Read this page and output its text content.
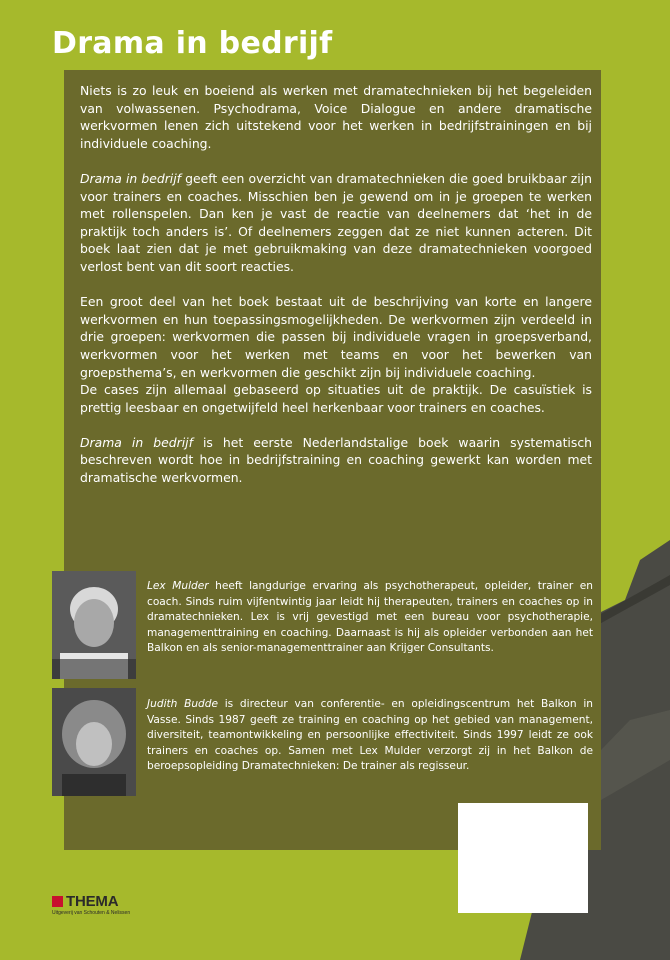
Drama in bedrijf

Niets is zo leuk en boeiend als werken met dramatechnieken bij het begeleiden van volwassenen. Psychodrama, Voice Dialogue en andere dramatische werkvormen lenen zich uitstekend voor het werken in bedrijfstrainingen en bij individuele coaching.

Drama in bedrijf geeft een overzicht van dramatechnieken die goed bruikbaar zijn voor trainers en coaches. Misschien ben je gewend om in je groepen te werken met rollenspelen. Dan ken je vast de reactie van deelnemers dat ‘het in de praktijk toch anders is’. Of deelnemers zeggen dat ze niet kunnen acteren. Dit boek laat zien dat je met gebruikmaking van deze dramatechnieken voorgoed verlost bent van dit soort reacties.

Een groot deel van het boek bestaat uit de beschrijving van korte en langere werkvormen en hun toepassingsmogelijkheden. De werkvormen zijn verdeeld in drie groepen: werkvormen die passen bij individuele vragen in groepsverband, werkvormen voor het werken met teams en voor het bewerken van groepsthema’s, en werkvormen die geschikt zijn bij individuele coaching.

De cases zijn allemaal gebaseerd op situaties uit de praktijk. De casuïstiek is prettig leesbaar en ongetwijfeld heel herkenbaar voor trainers en coaches.

Drama in bedrijf is het eerste Nederlandstalige boek waarin systematisch beschreven wordt hoe in bedrijfstraining en coaching gewerkt kan worden met dramatische werkvormen.

Lex Mulder heeft langdurige ervaring als psychotherapeut, opleider, trainer en coach. Sinds ruim vijfentwintig jaar leidt hij therapeuten, trainers en coaches op in dramatechnieken. Lex is vrij gevestigd met een bureau voor psychotherapie, managementtraining en coaching. Daarnaast is hij als opleider verbonden aan het Balkon en als senior-managementtrainer aan Krijger Consultants.

Judith Budde is directeur van conferentie- en opleidingscentrum het Balkon in Vasse. Sinds 1987 geeft ze training en coaching op het gebied van management, diversiteit, teamontwikkeling en persoonlijke effectiviteit. Sinds 1997 leidt ze ook trainers en coaches op. Samen met Lex Mulder verzorgt zij in het Balkon de beroepsopleiding Dramatechnieken: De trainer als regisseur.

THEMA
Uitgeverij van Schouten & Nelissen
